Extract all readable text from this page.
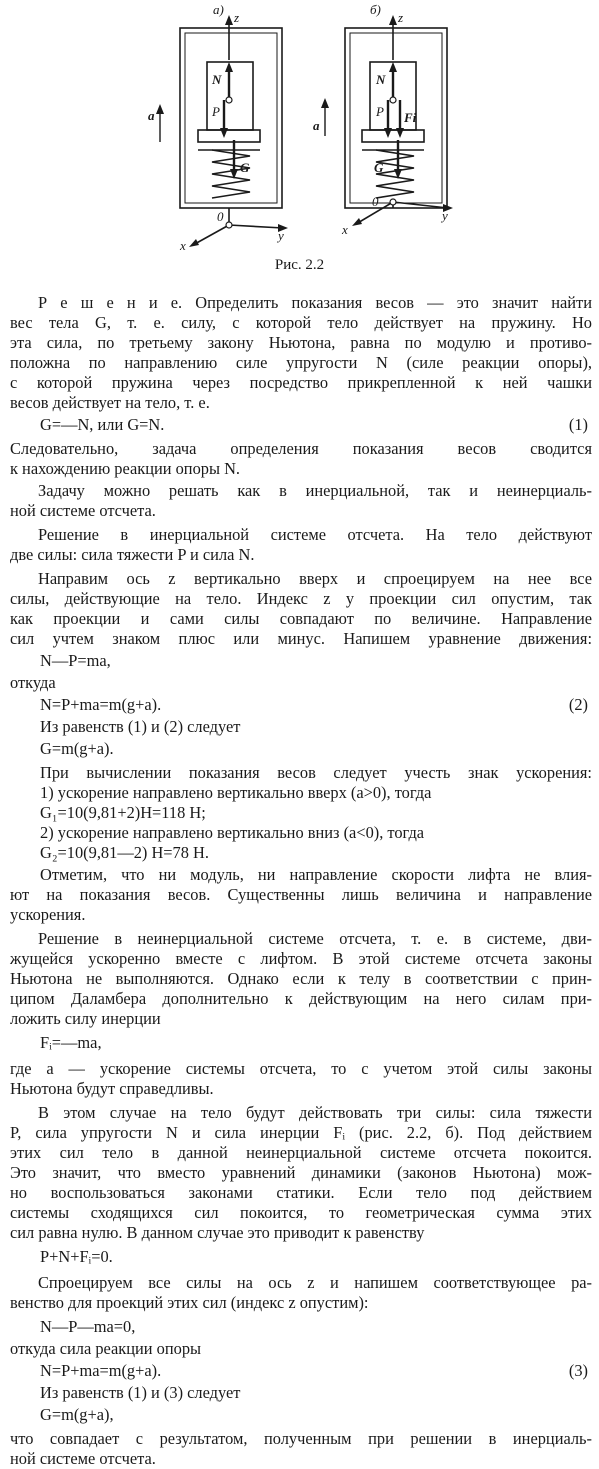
а)
z
y
x
0
N
P
G
a
б)
z
y
x
0
N
P Fi
G
a
Рис. 2.2
Р е ш е н и е. Определить показания весов — это значит найти
вес тела G, т. е. силу, с которой тело действует на пружину. Но
эта сила, по третьему закону Ньютона, равна по модулю и противо-
положна по направлению силе упругости N (силе реакции опоры),
с которой пружина через посредство прикрепленной к ней чашки
весов действует на тело, т. е.
G=—N, или G=N.	(1)
Следовательно, задача определения показания весов сводится
к нахождению реакции опоры N.
Задачу можно решать как в инерциальной, так и неинерциаль-
ной системе отсчета.
Решение в инерциальной системе отсчета. На тело действуют
две силы: сила тяжести P и сила N.
Направим ось z вертикально вверх и спроецируем на нее все
силы, действующие на тело. Индекс z у проекции сил опустим, так
как проекции и сами силы совпадают по величине. Направление
сил учтем знаком плюс или минус. Напишем уравнение движения:
N—P=ma,
откуда
N=P+ma=m(g+a).	(2)
Из равенств (1) и (2) следует
G=m(g+a).
При вычислении показания весов следует учесть знак ускорения:
1) ускорение направлено вертикально вверх (a>0), тогда
G₁=10(9,81+2)H=118 Н;
2) ускорение направлено вертикально вниз (a<0), тогда
G₂=10(9,81—2) Н=78 Н.
Отметим, что ни модуль, ни направление скорости лифта не влия-
ют на показания весов. Существенны лишь величина и направление
ускорения.
Решение в неинерциальной системе отсчета, т. е. в системе, дви-
жущейся ускоренно вместе с лифтом. В этой системе отсчета законы
Ньютона не выполняются. Однако если к телу в соответствии с прин-
ципом Даламбера дополнительно к действующим на него силам при-
ложить силу инерции
Fᵢ=—ma,
где a — ускорение системы отсчета, то с учетом этой силы законы
Ньютона будут справедливы.
В этом случае на тело будут действовать три силы: сила тяжести
P, сила упругости N и сила инерции Fᵢ (рис. 2.2, б). Под действием
этих сил тело в данной неинерциальной системе отсчета покоится.
Это значит, что вместо уравнений динамики (законов Ньютона) мож-
но воспользоваться законами статики. Если тело под действием
системы сходящихся сил покоится, то геометрическая сумма этих
сил равна нулю. В данном случае это приводит к равенству
P+N+Fᵢ=0.
Спроецируем все силы на ось z и напишем соответствующее ра-
венство для проекций этих сил (индекс z опустим):
N—P—ma=0,
откуда сила реакции опоры
N=P+ma=m(g+a).	(3)
Из равенств (1) и (3) следует
G=m(g+a),
что совпадает с результатом, полученным при решении в инерциаль-
ной системе отсчета.
